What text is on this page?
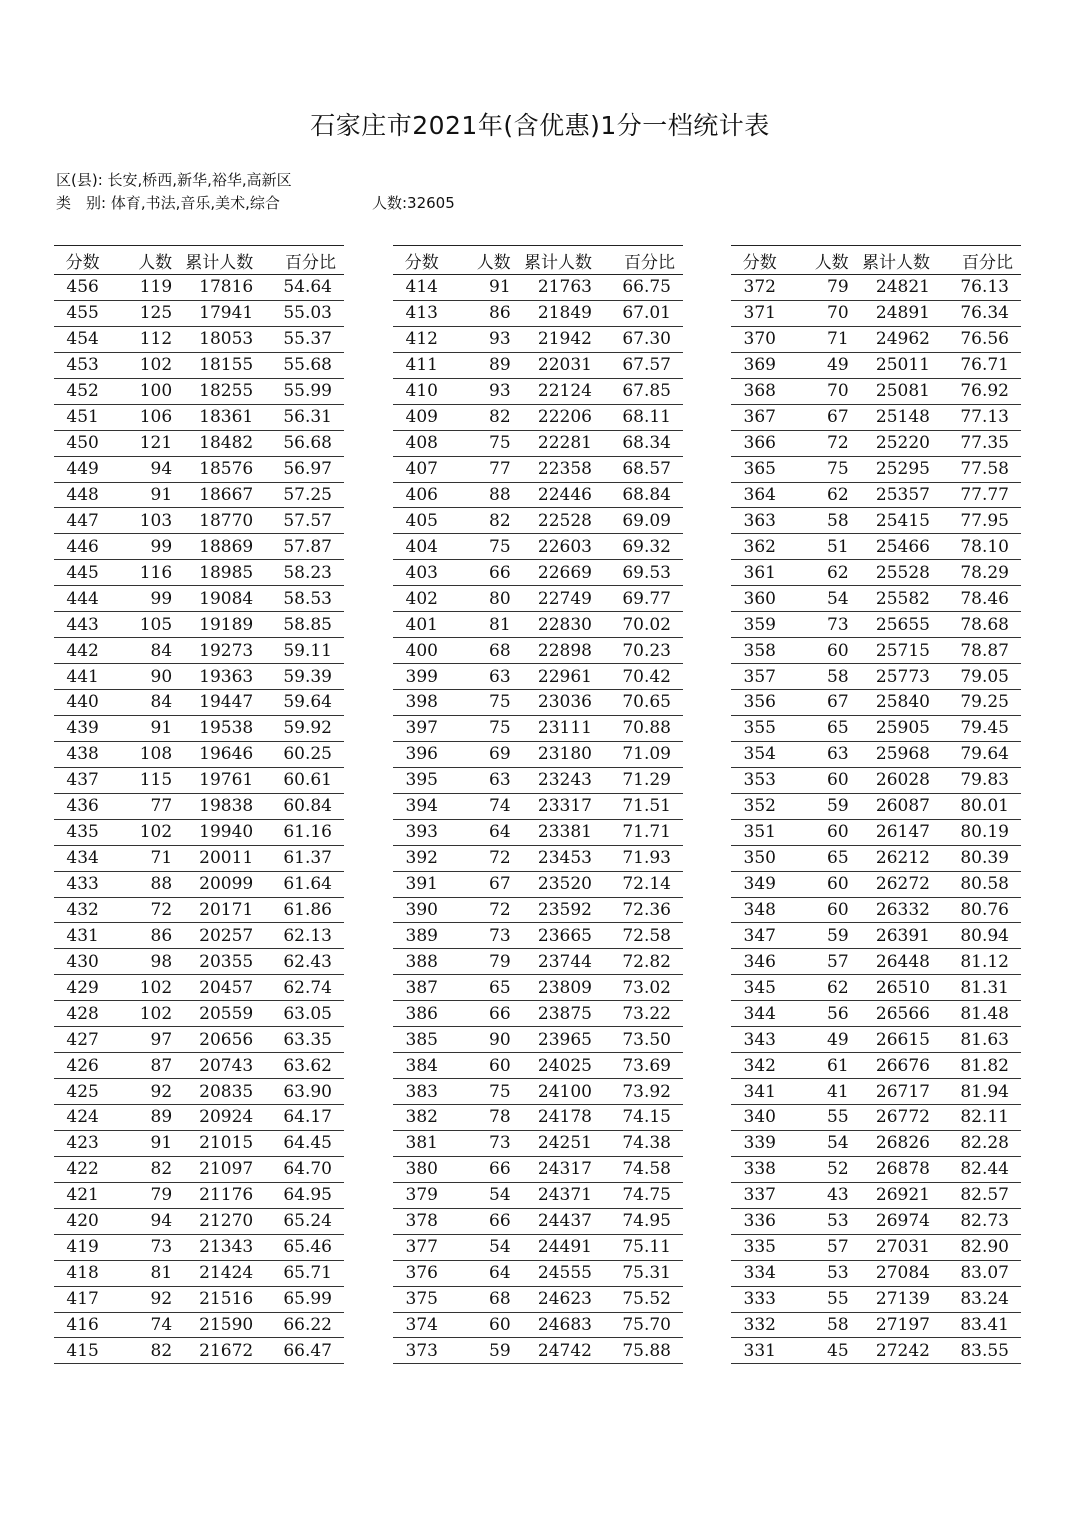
石家庄市2021年(含优惠)1分一档统计表
区(县): 长安,桥西,新华,裕华,高新区
类　别: 体育,书法,音乐,美术,综合	人数:32605
分数	人数	累计人数	百分比
456	119	17816	54.64
455	125	17941	55.03
454	112	18053	55.37
453	102	18155	55.68
452	100	18255	55.99
451	106	18361	56.31
450	121	18482	56.68
449	94	18576	56.97
448	91	18667	57.25
447	103	18770	57.57
446	99	18869	57.87
445	116	18985	58.23
444	99	19084	58.53
443	105	19189	58.85
442	84	19273	59.11
441	90	19363	59.39
440	84	19447	59.64
439	91	19538	59.92
438	108	19646	60.25
437	115	19761	60.61
436	77	19838	60.84
435	102	19940	61.16
434	71	20011	61.37
433	88	20099	61.64
432	72	20171	61.86
431	86	20257	62.13
430	98	20355	62.43
429	102	20457	62.74
428	102	20559	63.05
427	97	20656	63.35
426	87	20743	63.62
425	92	20835	63.90
424	89	20924	64.17
423	91	21015	64.45
422	82	21097	64.70
421	79	21176	64.95
420	94	21270	65.24
419	73	21343	65.46
418	81	21424	65.71
417	92	21516	65.99
416	74	21590	66.22
415	82	21672	66.47
分数	人数	累计人数	百分比
414	91	21763	66.75
413	86	21849	67.01
412	93	21942	67.30
411	89	22031	67.57
410	93	22124	67.85
409	82	22206	68.11
408	75	22281	68.34
407	77	22358	68.57
406	88	22446	68.84
405	82	22528	69.09
404	75	22603	69.32
403	66	22669	69.53
402	80	22749	69.77
401	81	22830	70.02
400	68	22898	70.23
399	63	22961	70.42
398	75	23036	70.65
397	75	23111	70.88
396	69	23180	71.09
395	63	23243	71.29
394	74	23317	71.51
393	64	23381	71.71
392	72	23453	71.93
391	67	23520	72.14
390	72	23592	72.36
389	73	23665	72.58
388	79	23744	72.82
387	65	23809	73.02
386	66	23875	73.22
385	90	23965	73.50
384	60	24025	73.69
383	75	24100	73.92
382	78	24178	74.15
381	73	24251	74.38
380	66	24317	74.58
379	54	24371	74.75
378	66	24437	74.95
377	54	24491	75.11
376	64	24555	75.31
375	68	24623	75.52
374	60	24683	75.70
373	59	24742	75.88
分数	人数	累计人数	百分比
372	79	24821	76.13
371	70	24891	76.34
370	71	24962	76.56
369	49	25011	76.71
368	70	25081	76.92
367	67	25148	77.13
366	72	25220	77.35
365	75	25295	77.58
364	62	25357	77.77
363	58	25415	77.95
362	51	25466	78.10
361	62	25528	78.29
360	54	25582	78.46
359	73	25655	78.68
358	60	25715	78.87
357	58	25773	79.05
356	67	25840	79.25
355	65	25905	79.45
354	63	25968	79.64
353	60	26028	79.83
352	59	26087	80.01
351	60	26147	80.19
350	65	26212	80.39
349	60	26272	80.58
348	60	26332	80.76
347	59	26391	80.94
346	57	26448	81.12
345	62	26510	81.31
344	56	26566	81.48
343	49	26615	81.63
342	61	26676	81.82
341	41	26717	81.94
340	55	26772	82.11
339	54	26826	82.28
338	52	26878	82.44
337	43	26921	82.57
336	53	26974	82.73
335	57	27031	82.90
334	53	27084	83.07
333	55	27139	83.24
332	58	27197	83.41
331	45	27242	83.55
